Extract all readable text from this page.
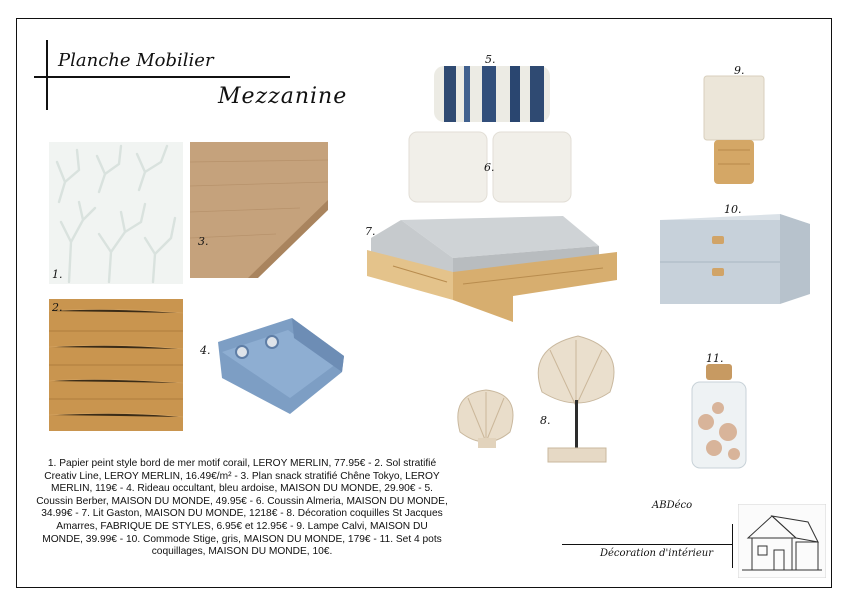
Planche Mobilier
Mezzanine
1.
2.
3.
4.
5.
6.
7.
8.
9.
10.
11.
1. Papier peint style bord de mer motif corail, LEROY MERLIN, 77.95€ - 2. Sol stratifié Creativ Line, LEROY MERLIN, 16.49€/m² - 3. Plan snack stratifié Chêne Tokyo, LEROY MERLIN, 119€ - 4. Rideau occultant, bleu ardoise, MAISON DU MONDE, 29.90€ - 5. Coussin Berber, MAISON DU MONDE, 49.95€ - 6. Coussin Almeria, MAISON DU MONDE, 34.99€ - 7. Lit Gaston, MAISON DU MONDE, 1218€ - 8. Décoration coquilles St Jacques Amarres, FABRIQUE DE STYLES, 6.95€ et 12.95€ - 9. Lampe Calvi, MAISON DU MONDE, 39.99€ - 10. Commode Stige, gris, MAISON DU MONDE, 179€ - 11. Set 4 pots coquillages, MAISON DU MONDE, 10€.
ABDéco
Décoration d'intérieur
